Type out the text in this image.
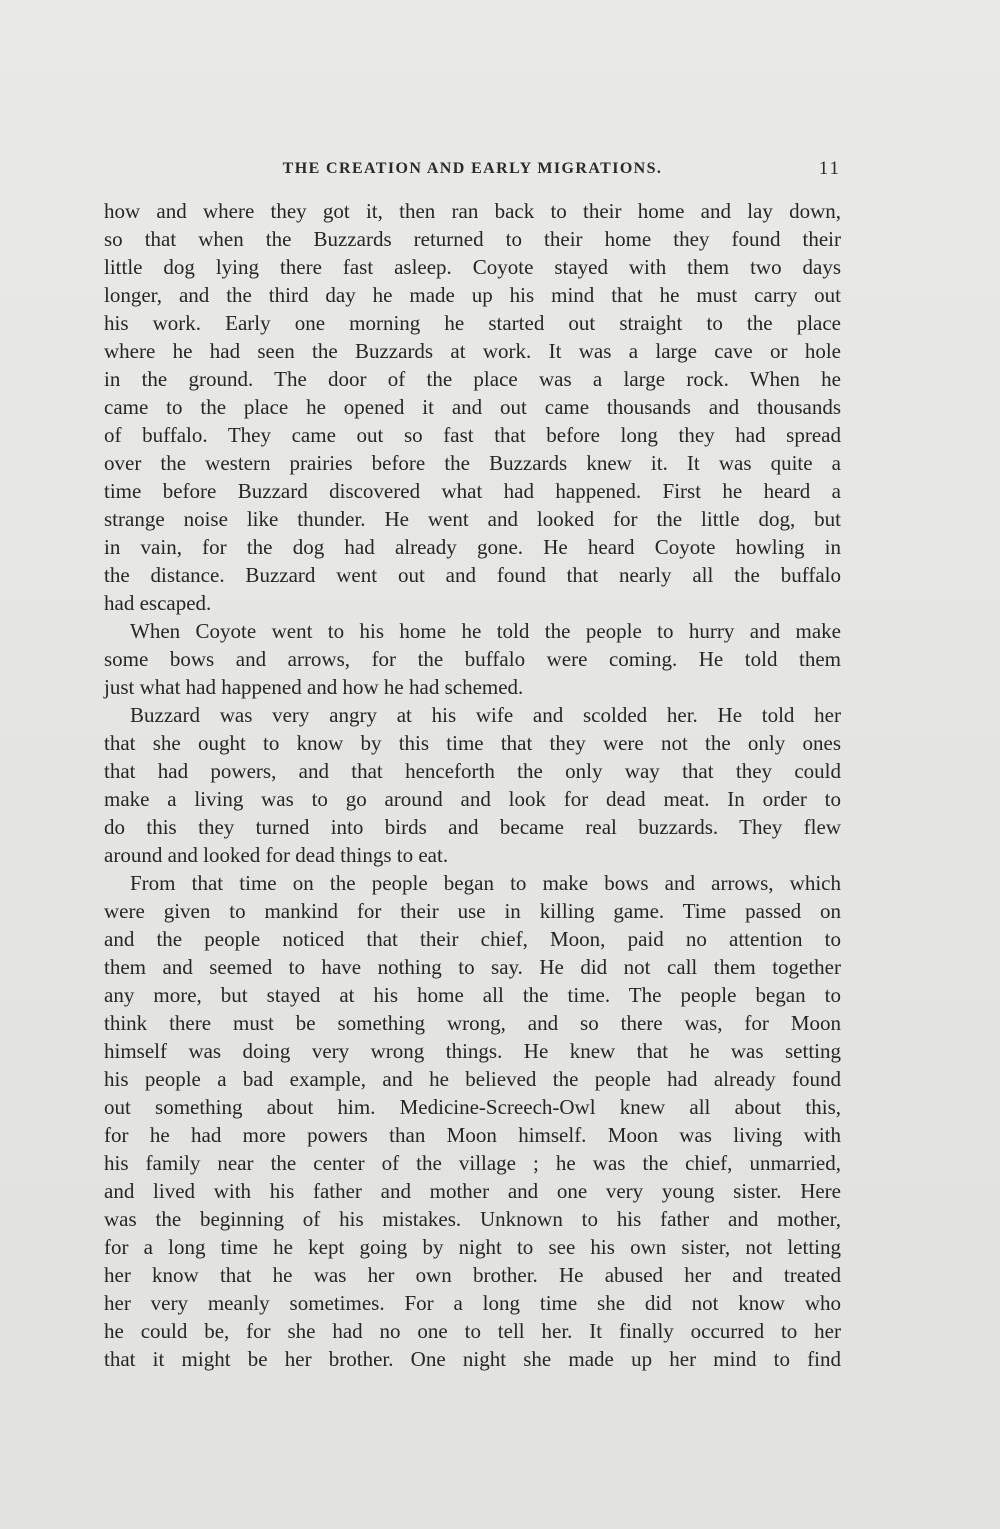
THE CREATION AND EARLY MIGRATIONS.	11

how and where they got it, then ran back to their home and lay down,
so that when the Buzzards returned to their home they found their
little dog lying there fast asleep. Coyote stayed with them two days
longer, and the third day he made up his mind that he must carry out
his work. Early one morning he started out straight to the place
where he had seen the Buzzards at work. It was a large cave or hole
in the ground. The door of the place was a large rock. When he
came to the place he opened it and out came thousands and thousands
of buffalo. They came out so fast that before long they had spread
over the western prairies before the Buzzards knew it. It was quite a
time before Buzzard discovered what had happened. First he heard a
strange noise like thunder. He went and looked for the little dog, but
in vain, for the dog had already gone. He heard Coyote howling in
the distance. Buzzard went out and found that nearly all the buffalo
had escaped.

When Coyote went to his home he told the people to hurry and make
some bows and arrows, for the buffalo were coming. He told them
just what had happened and how he had schemed.

Buzzard was very angry at his wife and scolded her. He told her
that she ought to know by this time that they were not the only ones
that had powers, and that henceforth the only way that they could
make a living was to go around and look for dead meat. In order to
do this they turned into birds and became real buzzards. They flew
around and looked for dead things to eat.

From that time on the people began to make bows and arrows, which
were given to mankind for their use in killing game. Time passed on
and the people noticed that their chief, Moon, paid no attention to
them and seemed to have nothing to say. He did not call them together
any more, but stayed at his home all the time. The people began to
think there must be something wrong, and so there was, for Moon
himself was doing very wrong things. He knew that he was setting
his people a bad example, and he believed the people had already found
out something about him. Medicine-Screech-Owl knew all about this,
for he had more powers than Moon himself. Moon was living with
his family near the center of the village ; he was the chief, unmarried,
and lived with his father and mother and one very young sister. Here
was the beginning of his mistakes. Unknown to his father and mother,
for a long time he kept going by night to see his own sister, not letting
her know that he was her own brother. He abused her and treated
her very meanly sometimes. For a long time she did not know who
he could be, for she had no one to tell her. It finally occurred to her
that it might be her brother. One night she made up her mind to find
